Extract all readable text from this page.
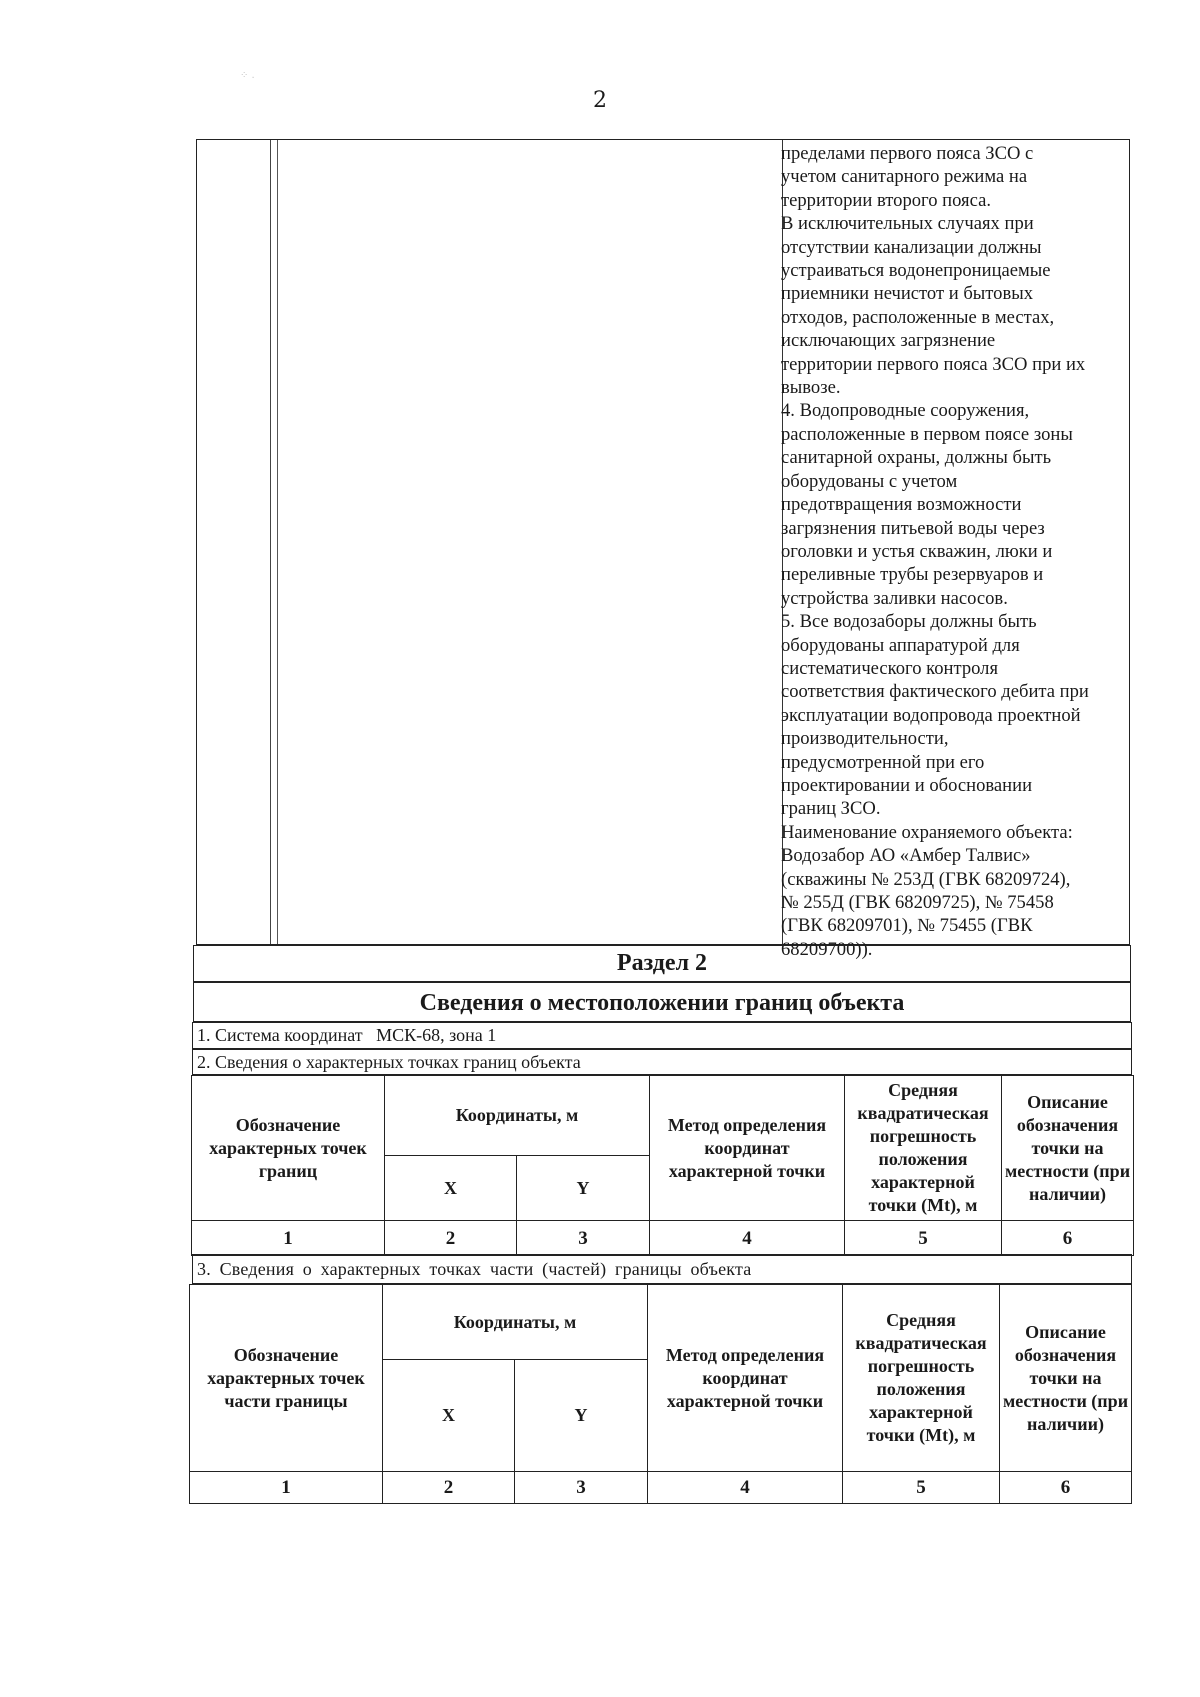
⁘ .
2

пределами первого пояса ЗСО с
учетом санитарного режима на
территории второго пояса.
В исключительных случаях при
отсутствии канализации должны
устраиваться водонепроницаемые
приемники нечистот и бытовых
отходов, расположенные в местах,
исключающих загрязнение
территории первого пояса ЗСО при их
вывозе.
4. Водопроводные сооружения,
расположенные в первом поясе зоны
санитарной охраны, должны быть
оборудованы с учетом
предотвращения возможности
загрязнения питьевой воды через
оголовки и устья скважин, люки и
переливные трубы резервуаров и
устройства заливки насосов.
5. Все водозаборы должны быть
оборудованы аппаратурой для
систематического контроля
соответствия фактического дебита при
эксплуатации водопровода проектной
производительности,
предусмотренной при его
проектировании и обосновании
границ ЗСО.
Наименование охраняемого объекта:
Водозабор АО «Амбер Талвис»
(скважины № 253Д (ГВК 68209724),
№ 255Д (ГВК 68209725), № 75458
(ГВК 68209701), № 75455 (ГВК
68209700)).

Раздел 2
Сведения о местоположении границ объекта
1. Система координат МСК-68, зона 1
2. Сведения о характерных точках границ объекта
Обозначение характерных точек границ	Координаты, м		Метод определения координат характерной точки	Средняя квадратическая погрешность положения характерной точки (Mt), м	Описание обозначения точки на местности (при наличии)
	X	Y			
1	2	3	4	5	6
3. Сведения о характерных точках части (частей) границы объекта
Обозначение характерных точек части границы	Координаты, м		Метод определения координат характерной точки	Средняя квадратическая погрешность положения характерной точки (Mt), м	Описание обозначения точки на местности (при наличии)
	X	Y			
1	2	3	4	5	6
